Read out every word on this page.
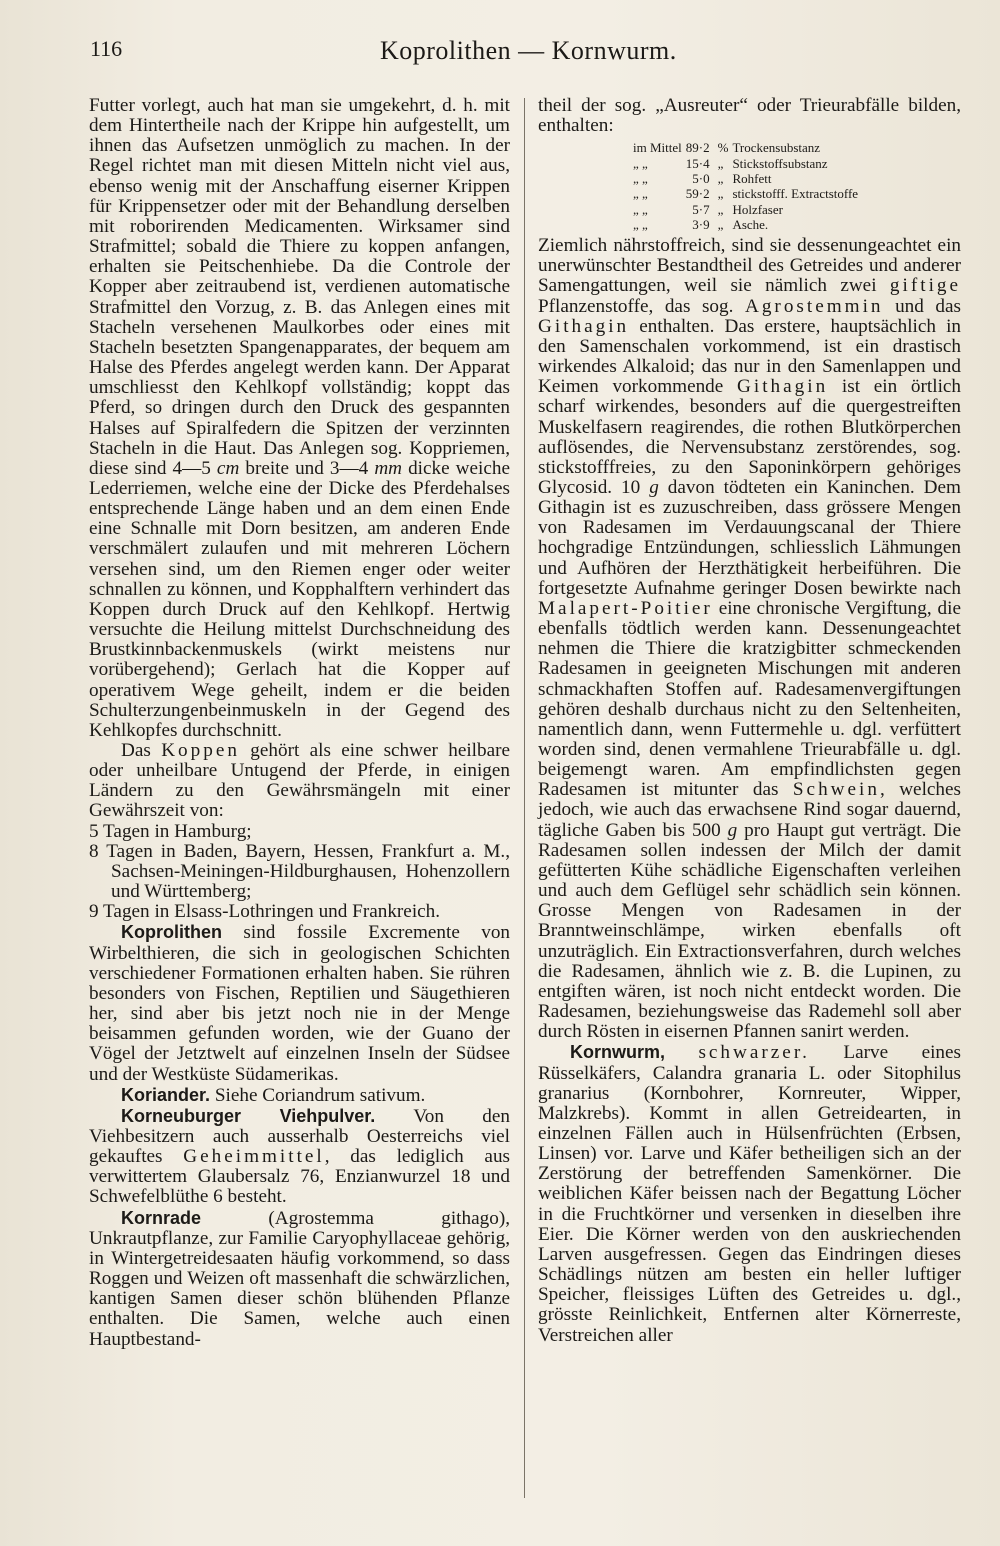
116	Koprolithen — Kornwurm.

Futter vorlegt, auch hat man sie umgekehrt, d. h. mit dem Hintertheile nach der Krippe hin aufgestellt, um ihnen das Aufsetzen unmöglich zu machen. In der Regel richtet man mit diesen Mitteln nicht viel aus, ebenso wenig mit der Anschaffung eiserner Krippen für Krippensetzer oder mit der Behandlung derselben mit roborirenden Medicamenten. Wirksamer sind Strafmittel; sobald die Thiere zu koppen anfangen, erhalten sie Peitschenhiebe. Da die Controle der Kopper aber zeitraubend ist, verdienen automatische Strafmittel den Vorzug, z. B. das Anlegen eines mit Stacheln versehenen Maulkorbes oder eines mit Stacheln besetzten Spangenapparates, der bequem am Halse des Pferdes angelegt werden kann. Der Apparat umschliesst den Kehlkopf vollständig; koppt das Pferd, so dringen durch den Druck des gespannten Halses auf Spiralfedern die Spitzen der verzinnten Stacheln in die Haut. Das Anlegen sog. Koppriemen, diese sind 4—5 cm breite und 3—4 mm dicke weiche Lederriemen, welche eine der Dicke des Pferdehalses entsprechende Länge haben und an dem einen Ende eine Schnalle mit Dorn besitzen, am anderen Ende verschmälert zulaufen und mit mehreren Löchern versehen sind, um den Riemen enger oder weiter schnallen zu können, und Kopphalftern verhindert das Koppen durch Druck auf den Kehlkopf. Hertwig versuchte die Heilung mittelst Durchschneidung des Brustkinnbackenmuskels (wirkt meistens nur vorübergehend); Gerlach hat die Kopper auf operativem Wege geheilt, indem er die beiden Schulterzungenbeinmuskeln in der Gegend des Kehlkopfes durchschnitt.

Das Koppen gehört als eine schwer heilbare oder unheilbare Untugend der Pferde, in einigen Ländern zu den Gewährsmängeln mit einer Gewährszeit von:

5 Tagen in Hamburg;
8 Tagen in Baden, Bayern, Hessen, Frankfurt a. M., Sachsen-Meiningen-Hildburghausen, Hohenzollern und Württemberg;
9 Tagen in Elsass-Lothringen und Frankreich.

Koprolithen sind fossile Excremente von Wirbelthieren, die sich in geologischen Schichten verschiedener Formationen erhalten haben. Sie rühren besonders von Fischen, Reptilien und Säugethieren her, sind aber bis jetzt noch nie in der Menge beisammen gefunden worden, wie der Guano der Vögel der Jetztwelt auf einzelnen Inseln der Südsee und der Westküste Südamerikas.

Koriander. Siehe Coriandrum sativum.

Korneuburger Viehpulver. Von den Viehbesitzern auch ausserhalb Oesterreichs viel gekauftes Geheimmittel, das lediglich aus verwittertem Glaubersalz 76, Enzianwurzel 18 und Schwefelblüthe 6 besteht.

Kornrade	(Agrostemma githago), Unkrautpflanze, zur Familie Caryophyllaceae gehörig, in Wintergetreidesaaten häufig vorkommend, so dass Roggen und Weizen oft massenhaft die schwärzlichen, kantigen Samen dieser schön blühenden Pflanze enthalten. Die Samen, welche auch einen Hauptbestand-

theil der sog. „Ausreuter“ oder Trieurabfälle bilden, enthalten:

im Mittel	89·2	%	Trockensubstanz
„ „	15·4	„	Stickstoffsubstanz
„ „	5·0	„	Rohfett
„ „	59·2	„	stickstofff. Extractstoffe
„ „	5·7	„	Holzfaser
„ „	3·9	„	Asche.

Ziemlich nährstoffreich, sind sie dessenungeachtet ein unerwünschter Bestandtheil des Getreides und anderer Samengattungen, weil sie nämlich zwei giftige Pflanzenstoffe, das sog. Agrostemmin und das Githagin enthalten. Das erstere, hauptsächlich in den Samenschalen vorkommend, ist ein drastisch wirkendes Alkaloid; das nur in den Samenlappen und Keimen vorkommende Githagin ist ein örtlich scharf wirkendes, besonders auf die quergestreiften Muskelfasern reagirendes, die rothen Blutkörperchen auflösendes, die Nervensubstanz zerstörendes, sog. stickstofffreies, zu den Saponinkörpern gehöriges Glycosid. 10 g davon tödteten ein Kaninchen. Dem Githagin ist es zuzuschreiben, dass grössere Mengen von Radesamen im Verdauungscanal der Thiere hochgradige Entzündungen, schliesslich Lähmungen und Aufhören der Herzthätigkeit herbeiführen. Die fortgesetzte Aufnahme geringer Dosen bewirkte nach Malapert-Poitier eine chronische Vergiftung, die ebenfalls tödtlich werden kann. Dessenungeachtet nehmen die Thiere die kratzigbitter schmeckenden Radesamen in geeigneten Mischungen mit anderen schmackhaften Stoffen auf. Radesamenvergiftungen gehören deshalb durchaus nicht zu den Seltenheiten, namentlich dann, wenn Futtermehle u. dgl. verfüttert worden sind, denen vermahlene Trieurabfälle u. dgl. beigemengt waren. Am empfindlichsten gegen Radesamen ist mitunter das Schwein, welches jedoch, wie auch das erwachsene Rind sogar dauernd, tägliche Gaben bis 500 g pro Haupt gut verträgt. Die Radesamen sollen indessen der Milch der damit gefütterten Kühe schädliche Eigenschaften verleihen und auch dem Geflügel sehr schädlich sein können. Grosse Mengen von Radesamen in der Branntweinschlämpe, wirken ebenfalls oft unzuträglich. Ein Extractionsverfahren, durch welches die Radesamen, ähnlich wie z. B. die Lupinen, zu entgiften wären, ist noch nicht entdeckt worden. Die Radesamen, beziehungsweise das Rademehl soll aber durch Rösten in eisernen Pfannen sanirt werden.

Kornwurm, schwarzer. Larve eines Rüsselkäfers, Calandra granaria L. oder Sitophilus granarius (Kornbohrer, Kornreuter, Wipper, Malzkrebs). Kommt in allen Getreidearten, in einzelnen Fällen auch in Hülsenfrüchten (Erbsen, Linsen) vor. Larve und Käfer betheiligen sich an der Zerstörung der betreffenden Samenkörner. Die weiblichen Käfer beissen nach der Begattung Löcher in die Fruchtkörner und versenken in dieselben ihre Eier. Die Körner werden von den auskriechenden Larven ausgefressen. Gegen das Eindringen dieses Schädlings nützen am besten ein heller luftiger Speicher, fleissiges Lüften des Getreides u. dgl., grösste Reinlichkeit, Entfernen alter Körnerreste, Verstreichen aller
